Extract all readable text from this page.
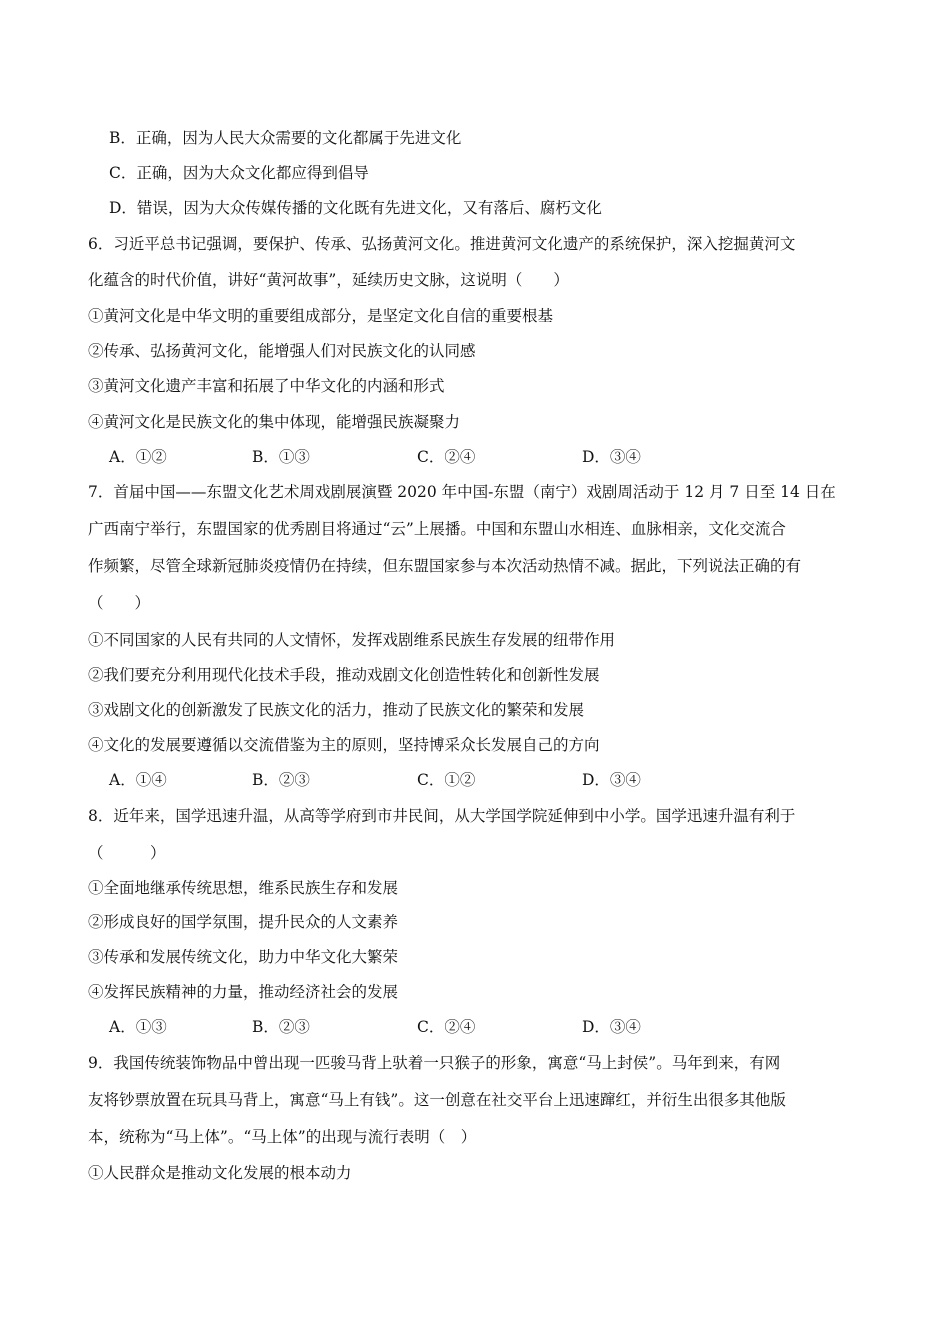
B．正确，因为人民大众需要的文化都属于先进文化
C．正确，因为大众文化都应得到倡导
D．错误，因为大众传媒传播的文化既有先进文化，又有落后、腐朽文化
6．习近平总书记强调，要保护、传承、弘扬黄河文化。推进黄河文化遗产的系统保护，深入挖掘黄河文
化蕴含的时代价值，讲好“黄河故事”，延续历史文脉，这说明（　　）
①黄河文化是中华文明的重要组成部分，是坚定文化自信的重要根基
②传承、弘扬黄河文化，能增强人们对民族文化的认同感
③黄河文化遗产丰富和拓展了中华文化的内涵和形式
④黄河文化是民族文化的集中体现，能增强民族凝聚力
A．①②	B．①③	C．②④	D．③④
7．首届中国——东盟文化艺术周戏剧展演暨 2020 年中国-东盟（南宁）戏剧周活动于 12 月 7 日至 14 日在
广西南宁举行，东盟国家的优秀剧目将通过“云”上展播。中国和东盟山水相连、血脉相亲，文化交流合
作频繁，尽管全球新冠肺炎疫情仍在持续，但东盟国家参与本次活动热情不减。据此，下列说法正确的有
（　　）
①不同国家的人民有共同的人文情怀，发挥戏剧维系民族生存发展的纽带作用
②我们要充分利用现代化技术手段，推动戏剧文化创造性转化和创新性发展
③戏剧文化的创新激发了民族文化的活力，推动了民族文化的繁荣和发展
④文化的发展要遵循以交流借鉴为主的原则，坚持博采众长发展自己的方向
A．①④	B．②③	C．①②	D．③④
8．近年来，国学迅速升温，从高等学府到市井民间，从大学国学院延伸到中小学。国学迅速升温有利于
（　　　）
①全面地继承传统思想，维系民族生存和发展
②形成良好的国学氛围，提升民众的人文素养
③传承和发展传统文化，助力中华文化大繁荣
④发挥民族精神的力量，推动经济社会的发展
A．①③	B．②③	C．②④	D．③④
9．我国传统装饰物品中曾出现一匹骏马背上驮着一只猴子的形象，寓意“马上封侯”。马年到来，有网
友将钞票放置在玩具马背上，寓意“马上有钱”。这一创意在社交平台上迅速蹿红，并衍生出很多其他版
本，统称为“马上体”。“马上体”的出现与流行表明（　）
①人民群众是推动文化发展的根本动力
